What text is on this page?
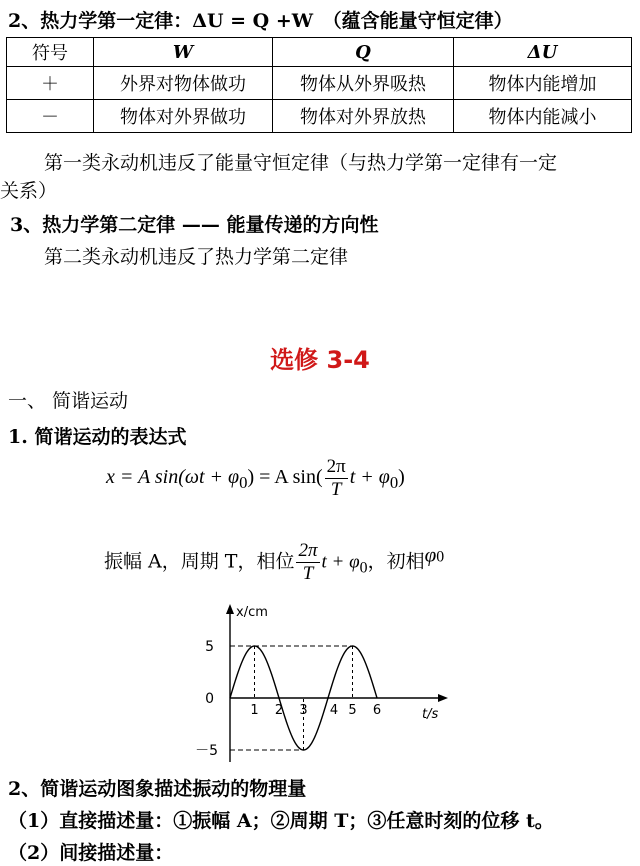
2、热力学第一定律：ΔU = Q +W　（蕴含能量守恒定律）
符号	W	Q	ΔU
＋	外界对物体做功	物体从外界吸热	物体内能增加
－	物体对外界做功	物体对外界放热	物体内能减小
第一类永动机违反了能量守恒定律（与热力学第一定律有一定
关系）
3、热力学第二定律 —— 能量传递的方向性
第二类永动机违反了热力学第二定律
选修 3-4
一、 简谐运动
1. 简谐运动的表达式
x = A $\sin(\omega t + \varphi_0) = A$ $\sin( \frac{2\pi}{T}$ $t + \varphi_0$)
振幅 A，周期 T，相位 $\frac{2\pi}{T}$ $t + \varphi_0$，初相$\varphi_0$
1 2 3 4 5 6
5
0
－5
x/cm
t/s
2、简谐运动图象描述振动的物理量
（1）直接描述量：①振幅 A；②周期 T；③任意时刻的位移 t。
（2）间接描述量：
